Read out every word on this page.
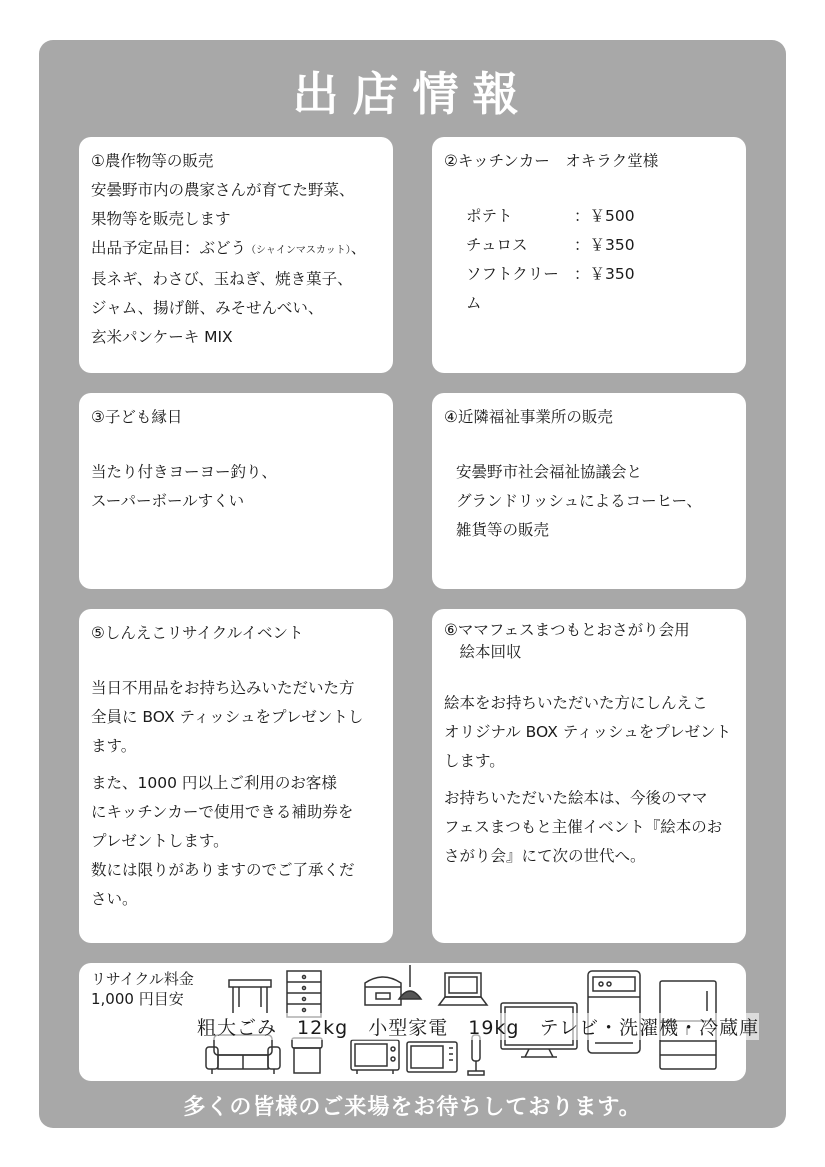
出店情報

①農作物等の販売

安曇野市内の農家さんが育てた野菜、

果物等を販売します

出品予定品目：ぶどう（シャインマスカット）、

長ネギ、わさび、玉ねぎ、焼き菓子、

ジャム、揚げ餅、みそせんべい、

玄米パンケーキ MIX

②キッチンカー　オキラク堂様

ポテト	：￥500
チュロス	：￥350
ソフトクリーム
：￥350

③子ども縁日

当たり付きヨーヨー釣り、

スーパーボールすくい

④近隣福祉事業所の販売

安曇野市社会福祉協議会と

グランドリッシュによるコーヒー、

雑貨等の販売

⑤しんえこリサイクルイベント

当日不用品をお持ち込みいただいた方

全員に BOX ティッシュをプレゼントし

ます。

また、1000 円以上ご利用のお客様

にキッチンカーで使用できる補助券を

プレゼントします。

数には限りがありますのでご了承くだ

さい。

⑥ママフェスまつもとおさがり会用

　絵本回収

絵本をお持ちいただいた方にしんえこ

オリジナル BOX ティッシュをプレゼント

します。

お持ちいただいた絵本は、今後のママ

フェスまつもと主催イベント『絵本のお

さがり会』にて次の世代へ。

リサイクル料金
1,000 円目安
粗大ごみ　12kg　小型家電　19kg　テレビ・洗濯機・冷蔵庫
多くの皆様のご来場をお待ちしております。
